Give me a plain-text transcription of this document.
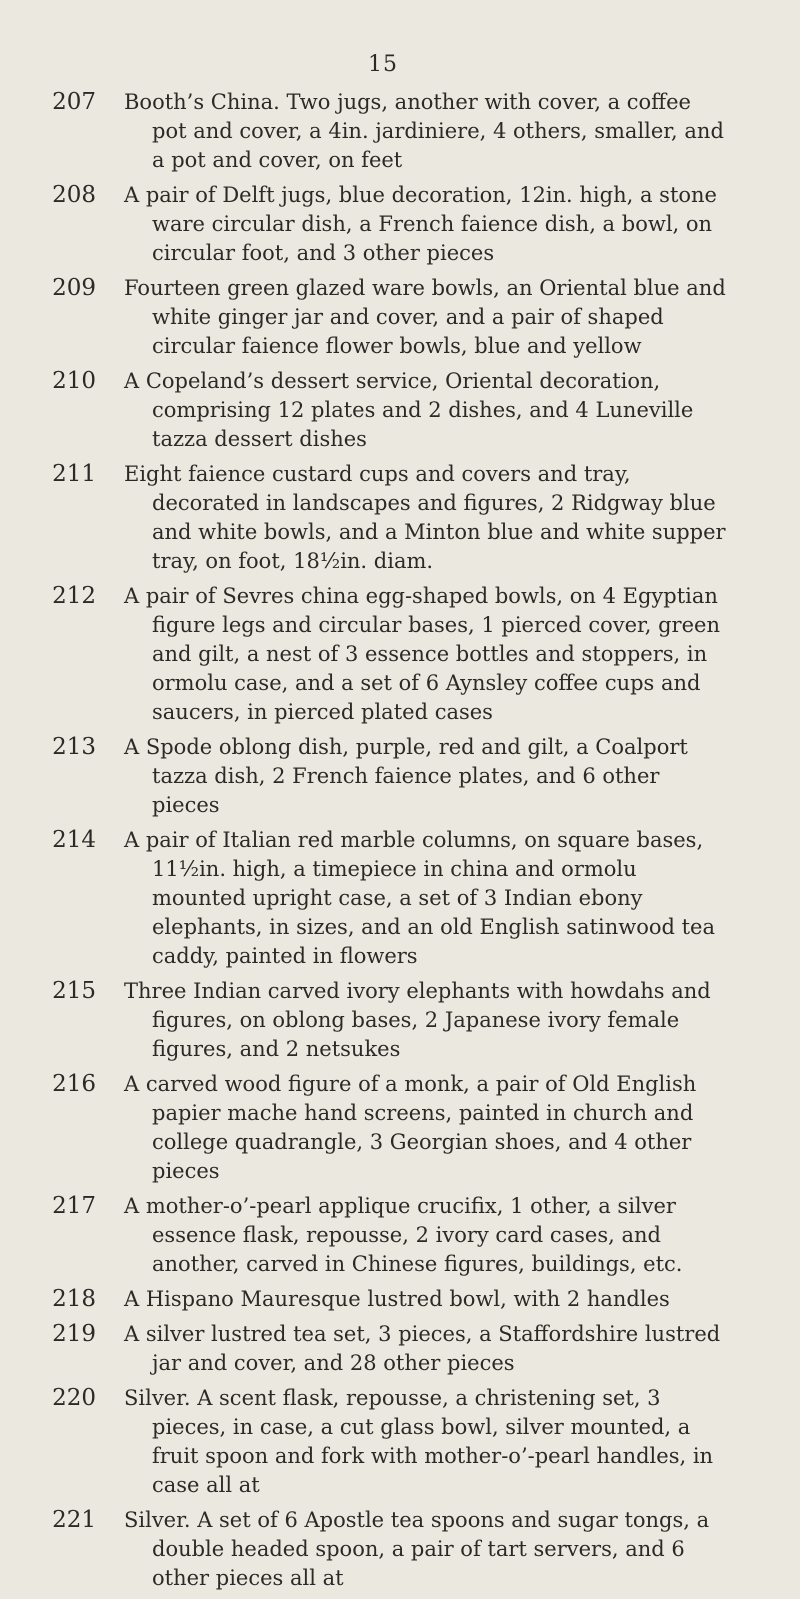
15
207 Booth’s China. Two jugs, another with cover, a coffee pot and cover, a 4in. jardiniere, 4 others, smaller, and a pot and cover, on feet
208 A pair of Delft jugs, blue decoration, 12in. high, a stone ware circular dish, a French faience dish, a bowl, on circular foot, and 3 other pieces
209 Fourteen green glazed ware bowls, an Oriental blue and white ginger jar and cover, and a pair of shaped circular faience flower bowls, blue and yellow
210 A Copeland’s dessert service, Oriental decoration, comprising 12 plates and 2 dishes, and 4 Luneville tazza dessert dishes
211 Eight faience custard cups and covers and tray, decorated in landscapes and figures, 2 Ridgway blue and white bowls, and a Minton blue and white supper tray, on foot, 18½in. diam.
212 A pair of Sevres china egg-shaped bowls, on 4 Egyptian figure legs and circular bases, 1 pierced cover, green and gilt, a nest of 3 essence bottles and stoppers, in ormolu case, and a set of 6 Aynsley coffee cups and saucers, in pierced plated cases
213 A Spode oblong dish, purple, red and gilt, a Coalport tazza dish, 2 French faience plates, and 6 other pieces
214 A pair of Italian red marble columns, on square bases, 11½in. high, a timepiece in china and ormolu mounted upright case, a set of 3 Indian ebony elephants, in sizes, and an old English satinwood tea caddy, painted in flowers
215 Three Indian carved ivory elephants with howdahs and figures, on oblong bases, 2 Japanese ivory female figures, and 2 netsukes
216 A carved wood figure of a monk, a pair of Old English papier mache hand screens, painted in church and college quadrangle, 3 Georgian shoes, and 4 other pieces
217 A mother-o’-pearl applique crucifix, 1 other, a silver essence flask, repousse, 2 ivory card cases, and another, carved in Chinese figures, buildings, etc.
218 A Hispano Mauresque lustred bowl, with 2 handles
219 A silver lustred tea set, 3 pieces, a Staffordshire lustred jar and cover, and 28 other pieces
220 Silver. A scent flask, repousse, a christening set, 3 pieces, in case, a cut glass bowl, silver mounted, a fruit spoon and fork with mother-o’-pearl handles, in case all at
221 Silver. A set of 6 Apostle tea spoons and sugar tongs, a double headed spoon, a pair of tart servers, and 6 other pieces all at
